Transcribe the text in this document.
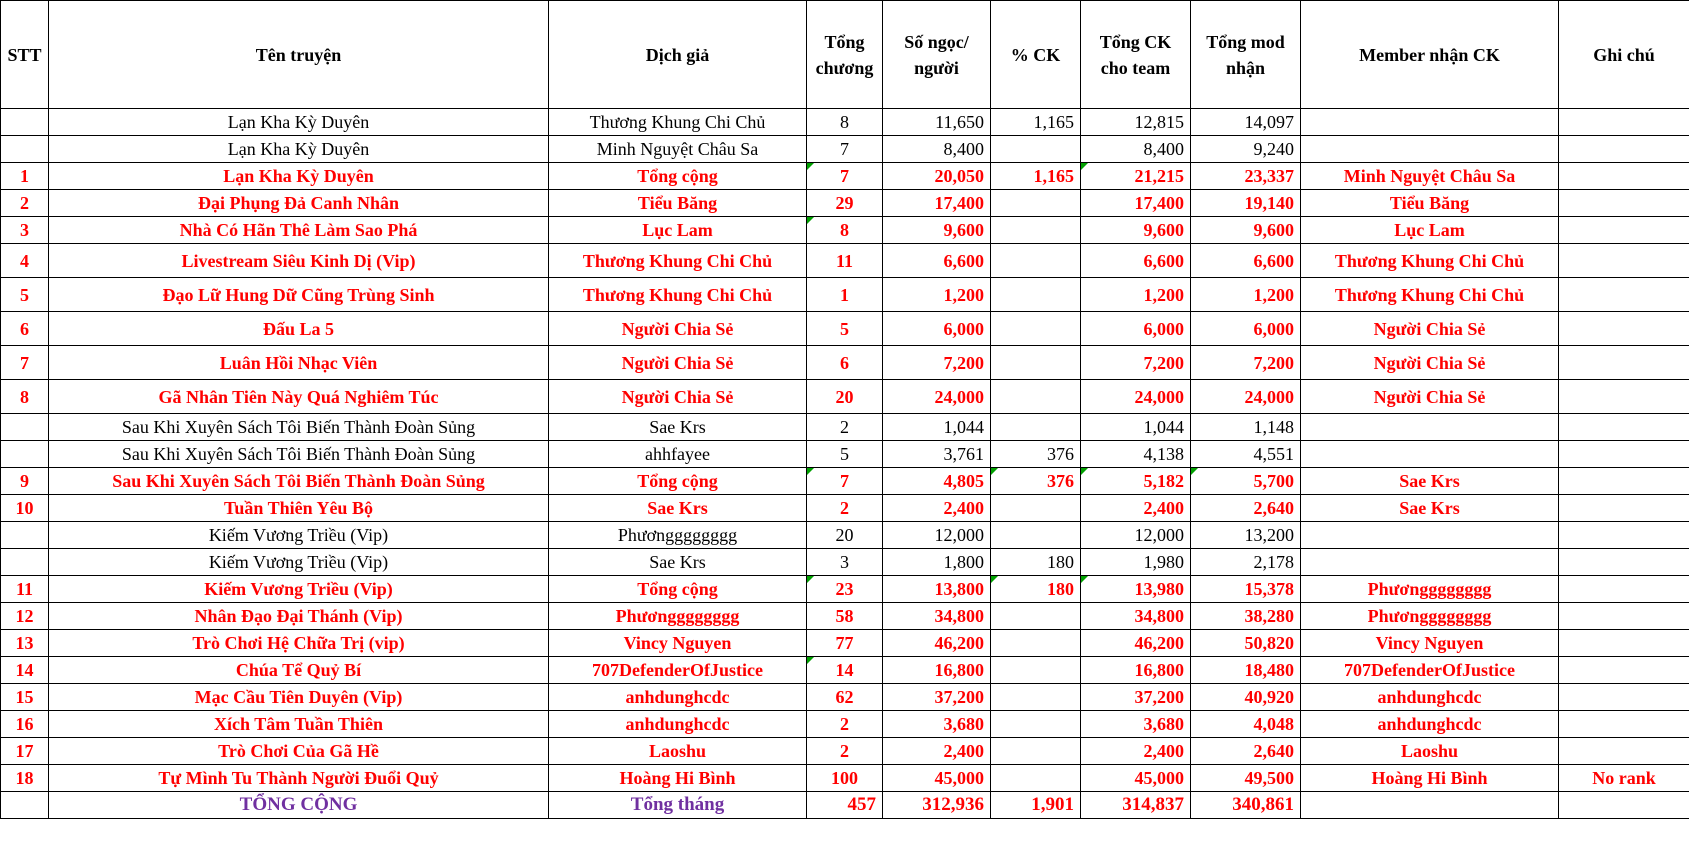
STT	Tên truyện	Dịch giả	Tổng chương	Số ngọc/ người	% CK	Tổng CK cho team	Tổng mod nhận	Member nhận CK	Ghi chú
	Lạn Kha Kỳ Duyên	Thương Khung Chi Chủ	8	11,650	1,165	12,815	14,097		
	Lạn Kha Kỳ Duyên	Minh Nguyệt Châu Sa	7	8,400		8,400	9,240		
1	Lạn Kha Kỳ Duyên	Tổng cộng	7	20,050	1,165	21,215	23,337	Minh Nguyệt Châu Sa	
2	Đại Phụng Đả Canh Nhân	Tiểu Băng	29	17,400		17,400	19,140	Tiểu Băng	
3	Nhà Có Hãn Thê Làm Sao Phá	Lục Lam	8	9,600		9,600	9,600	Lục Lam	
4	Livestream Siêu Kinh Dị (Vip)	Thương Khung Chi Chủ	11	6,600		6,600	6,600	Thương Khung Chi Chủ	
5	Đạo Lữ Hung Dữ Cũng Trùng Sinh	Thương Khung Chi Chủ	1	1,200		1,200	1,200	Thương Khung Chi Chủ	
6	Đấu La 5	Người Chia Sẻ	5	6,000		6,000	6,000	Người Chia Sẻ	
7	Luân Hồi Nhạc Viên	Người Chia Sẻ	6	7,200		7,200	7,200	Người Chia Sẻ	
8	Gã Nhân Tiên Này Quá Nghiêm Túc	Người Chia Sẻ	20	24,000		24,000	24,000	Người Chia Sẻ	
	Sau Khi Xuyên Sách Tôi Biến Thành Đoàn Sủng	Sae Krs	2	1,044		1,044	1,148		
	Sau Khi Xuyên Sách Tôi Biến Thành Đoàn Sủng	ahhfayee	5	3,761	376	4,138	4,551		
9	Sau Khi Xuyên Sách Tôi Biến Thành Đoàn Sủng	Tổng cộng	7	4,805	376	5,182	5,700	Sae Krs	
10	Tuần Thiên Yêu Bộ	Sae Krs	2	2,400		2,400	2,640	Sae Krs	
	Kiếm Vương Triều (Vip)	Phươngggggggg	20	12,000		12,000	13,200		
	Kiếm Vương Triều (Vip)	Sae Krs	3	1,800	180	1,980	2,178		
11	Kiếm Vương Triều (Vip)	Tổng cộng	23	13,800	180	13,980	15,378	Phươngggggggg	
12	Nhân Đạo Đại Thánh (Vip)	Phươngggggggg	58	34,800		34,800	38,280	Phươngggggggg	
13	Trò Chơi Hệ Chữa Trị (vip)	Vincy Nguyen	77	46,200		46,200	50,820	Vincy Nguyen	
14	Chúa Tể Quỷ Bí	707DefenderOfJustice	14	16,800		16,800	18,480	707DefenderOfJustice	
15	Mạc Cầu Tiên Duyên (Vip)	anhdunghcdc	62	37,200		37,200	40,920	anhdunghcdc	
16	Xích Tâm Tuần Thiên	anhdunghcdc	2	3,680		3,680	4,048	anhdunghcdc	
17	Trò Chơi Của Gã Hề	Laoshu	2	2,400		2,400	2,640	Laoshu	
18	Tự Mình Tu Thành Người Đuổi Quỷ	Hoàng Hi Bình	100	45,000		45,000	49,500	Hoàng Hi Bình	No rank
	TỔNG CỘNG	Tổng tháng	457	312,936	1,901	314,837	340,861		
